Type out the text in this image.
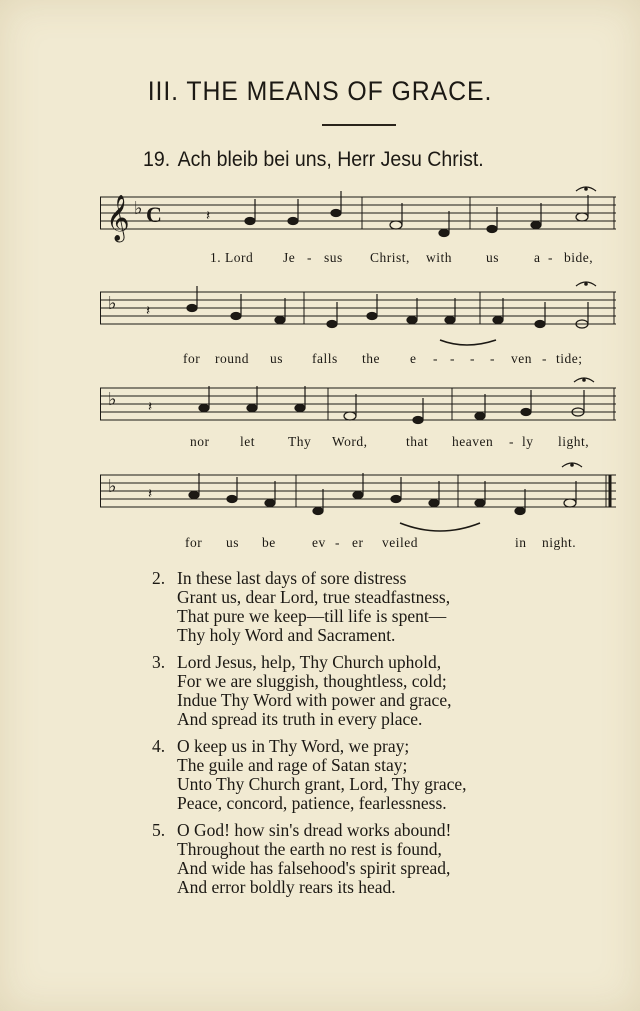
III. THE MEANS OF GRACE.
19. Ach bleib bei uns, Herr Jesu Christ.
𝄞 ♭ C	𝄽
1. Lord Je - sus Christ, with	us	a - bide,
♭ 𝄽
for round us falls the e - - - - ven - tide;
♭ 𝄽
nor let Thy Word,	that heaven - ly light,
♭ 𝄽
for us be	ev - er veiled	in night.
2. In these last days of sore distress
Grant us, dear Lord, true steadfastness,
That pure we keep—till life is spent—
Thy holy Word and Sacrament.
3. Lord Jesus, help, Thy Church uphold,
For we are sluggish, thoughtless, cold;
Indue Thy Word with power and grace,
And spread its truth in every place.
4. O keep us in Thy Word, we pray;
The guile and rage of Satan stay;
Unto Thy Church grant, Lord, Thy grace,
Peace, concord, patience, fearlessness.
5. O God! how sin's dread works abound!
Throughout the earth no rest is found,
And wide has falsehood's spirit spread,
And error boldly rears its head.
